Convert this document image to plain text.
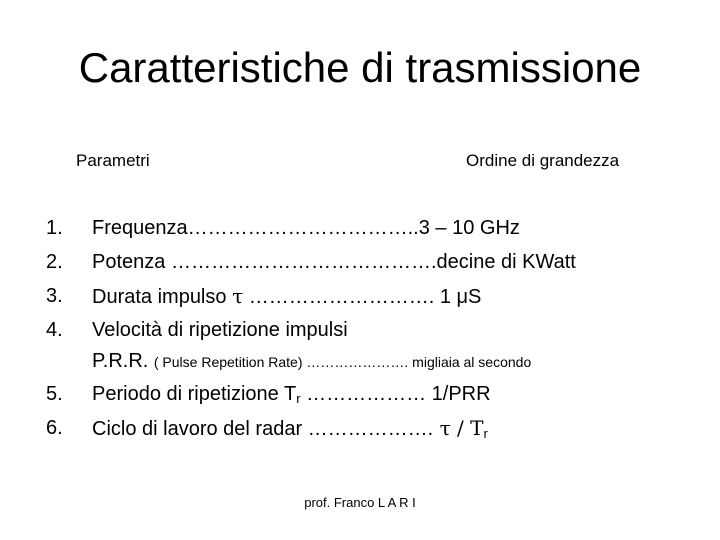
Caratteristiche di trasmissione
Parametri	Ordine di grandezza
1. Frequenza……………………………..3 – 10 GHz
2. Potenza ………………………………….decine di KWatt
3. Durata impulso τ ………………………. 1 μS
4. Velocità di ripetizione impulsi
P.R.R. ( Pulse Repetition Rate) …………………. migliaia al secondo
5. Periodo di ripetizione $T_r$ ……………… 1/PRR
6. Ciclo di lavoro del radar ………………. τ / $T_r$
prof. Franco L A R I
